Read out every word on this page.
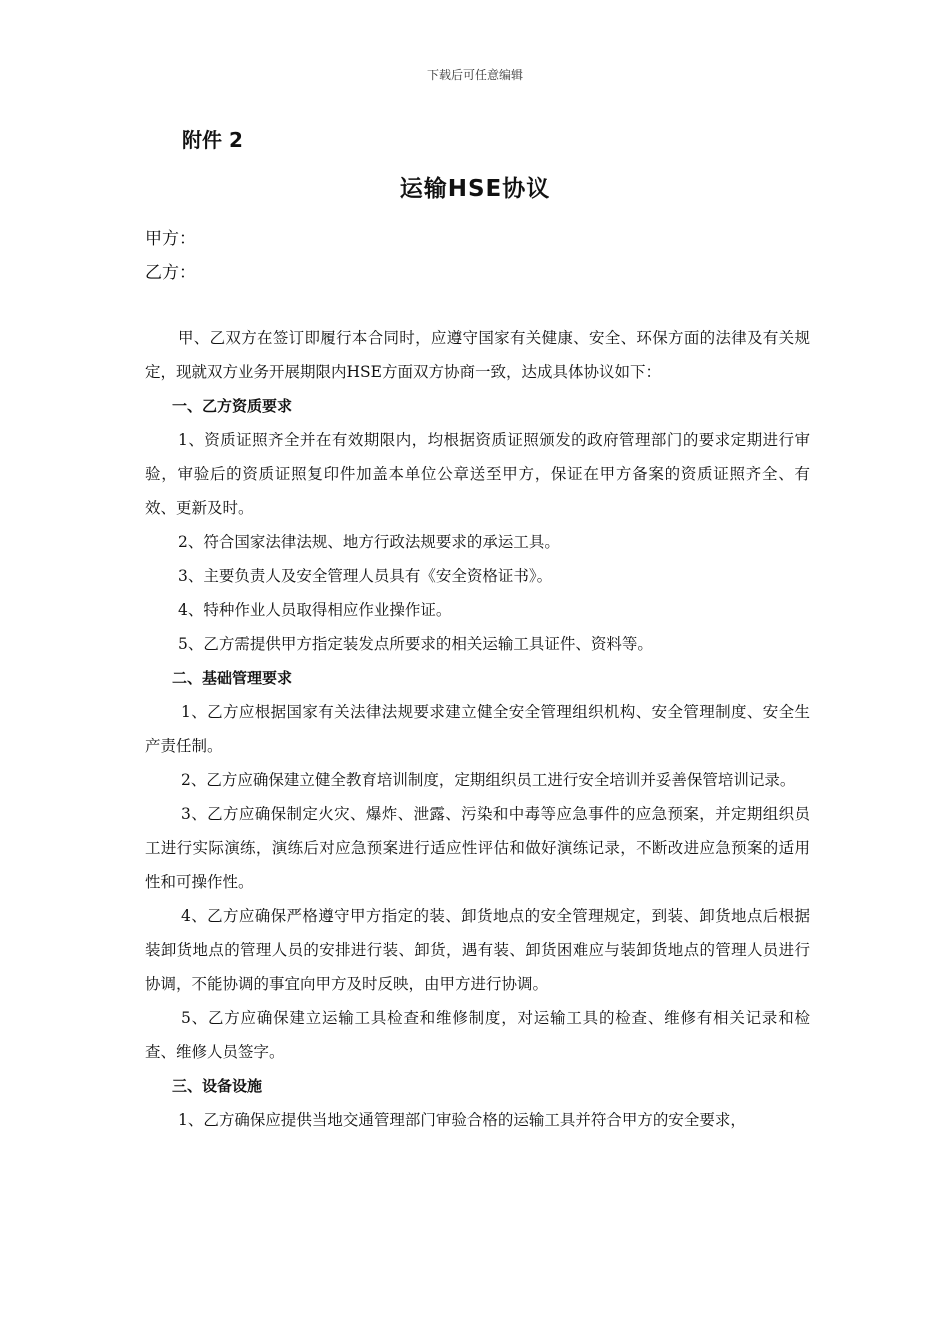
下载后可任意编辑
附件 2
运输HSE协议
甲方：
乙方：

甲、乙双方在签订即履行本合同时，应遵守国家有关健康、安全、环保方面的法律及有关规定，现就双方业务开展期限内HSE方面双方协商一致，达成具体协议如下：

一、乙方资质要求

1、资质证照齐全并在有效期限内，均根据资质证照颁发的政府管理部门的要求定期进行审验，审验后的资质证照复印件加盖本单位公章送至甲方，保证在甲方备案的资质证照齐全、有效、更新及时。

2、符合国家法律法规、地方行政法规要求的承运工具。

3、主要负责人及安全管理人员具有《安全资格证书》。

4、特种作业人员取得相应作业操作证。

5、乙方需提供甲方指定装发点所要求的相关运输工具证件、资料等。

二、基础管理要求

1、乙方应根据国家有关法律法规要求建立健全安全管理组织机构、安全管理制度、安全生产责任制。

2、乙方应确保建立健全教育培训制度，定期组织员工进行安全培训并妥善保管培训记录。

3、乙方应确保制定火灾、爆炸、泄露、污染和中毒等应急事件的应急预案，并定期组织员工进行实际演练，演练后对应急预案进行适应性评估和做好演练记录，不断改进应急预案的适用性和可操作性。

4、乙方应确保严格遵守甲方指定的装、卸货地点的安全管理规定，到装、卸货地点后根据装卸货地点的管理人员的安排进行装、卸货，遇有装、卸货困难应与装卸货地点的管理人员进行协调，不能协调的事宜向甲方及时反映，由甲方进行协调。

5、乙方应确保建立运输工具检查和维修制度，对运输工具的检查、维修有相关记录和检查、维修人员签字。

三、设备设施

1、乙方确保应提供当地交通管理部门审验合格的运输工具并符合甲方的安全要求，
